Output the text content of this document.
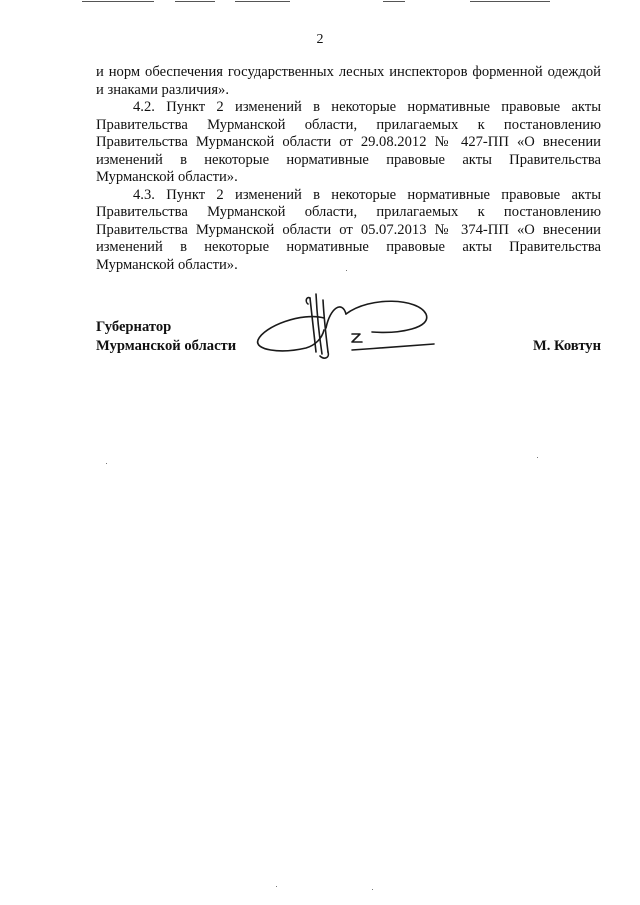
2

и норм обеспечения государственных лесных инспекторов форменной одеждой и знаками различия».

4.2. Пункт 2 изменений в некоторые нормативные правовые акты Правительства Мурманской области, прилагаемых к постановлению Правительства Мурманской области от 29.08.2012 № 427-ПП «О внесении изменений в некоторые нормативные правовые акты Правительства Мурманской области».

4.3. Пункт 2 изменений в некоторые нормативные правовые акты Правительства Мурманской области, прилагаемых к постановлению Правительства Мурманской области от 05.07.2013 № 374-ПП «О внесении изменений в некоторые нормативные правовые акты Правительства Мурманской области».

Губернатор
Мурманской области	М. Ковтун
